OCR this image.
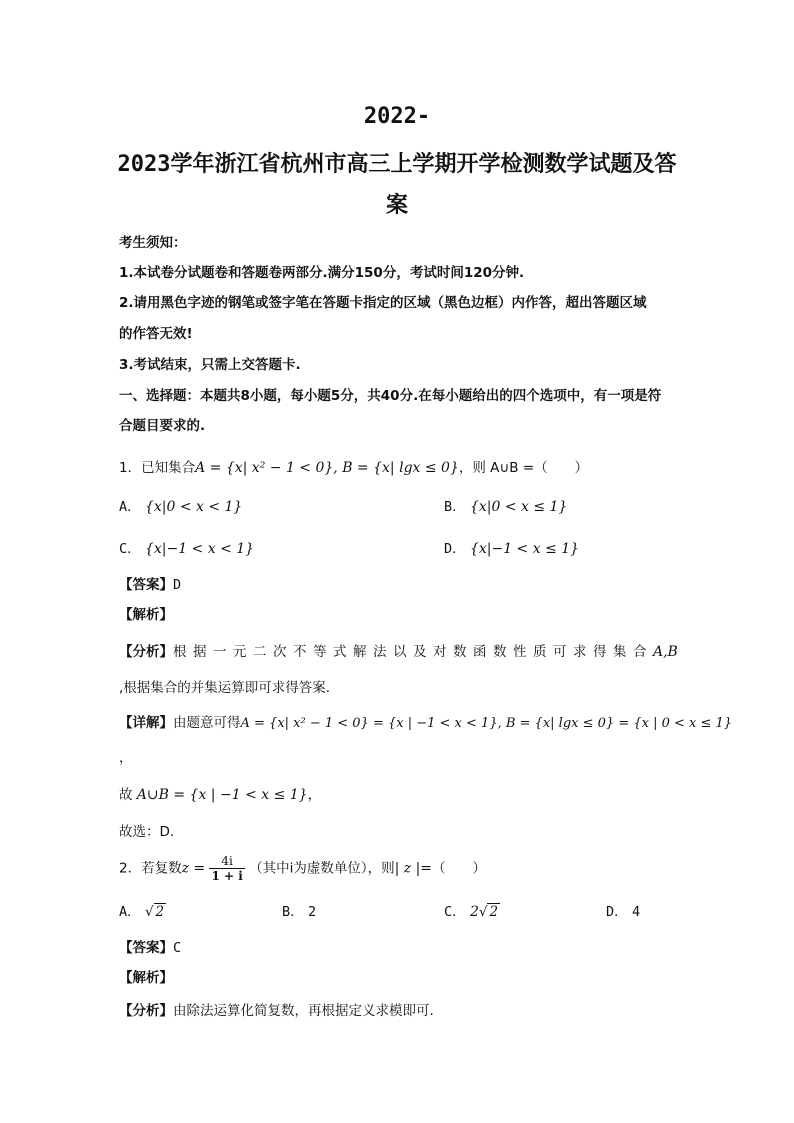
2022-
2023学年浙江省杭州市高三上学期开学检测数学试题及答
案
考生须知：
1.本试卷分试题卷和答题卷两部分.满分150分，考试时间120分钟.
2.请用黑色字迹的钢笔或签字笔在答题卡指定的区域（黑色边框）内作答，超出答题区域
的作答无效!
3.考试结束，只需上交答题卡.
一、选择题：本题共8小题，每小题5分，共40分.在每小题给出的四个选项中，有一项是符
合题目要求的.
1．已知集合A = {x| x² − 1 < 0}, B = {x| lgx ≤ 0}，则 A∪B =（　　）
A． {x|0 < x < 1}	B． {x|0 < x ≤ 1}
C． {x|−1 < x < 1}	D． {x|−1 < x ≤ 1}
【答案】D
【解析】
【分析】根据一元二次不等式解法以及对数函数性质可求得集合A,B
,根据集合的并集运算即可求得答案.
【详解】由题意可得A = {x| x² − 1 < 0} = {x | −1 < x < 1}, B = {x| lgx ≤ 0} = {x | 0 < x ≤ 1}
，
故 A∪B = {x | −1 < x ≤ 1}，
故选：D.
2．若复数$z = \frac{4i}{1 + i}$ （其中i为虚数单位），则| z |=（　　）
A． √ 2	B． 2	C． 2√ 2	D． 4
【答案】C
【解析】
【分析】由除法运算化简复数，再根据定义求模即可.
